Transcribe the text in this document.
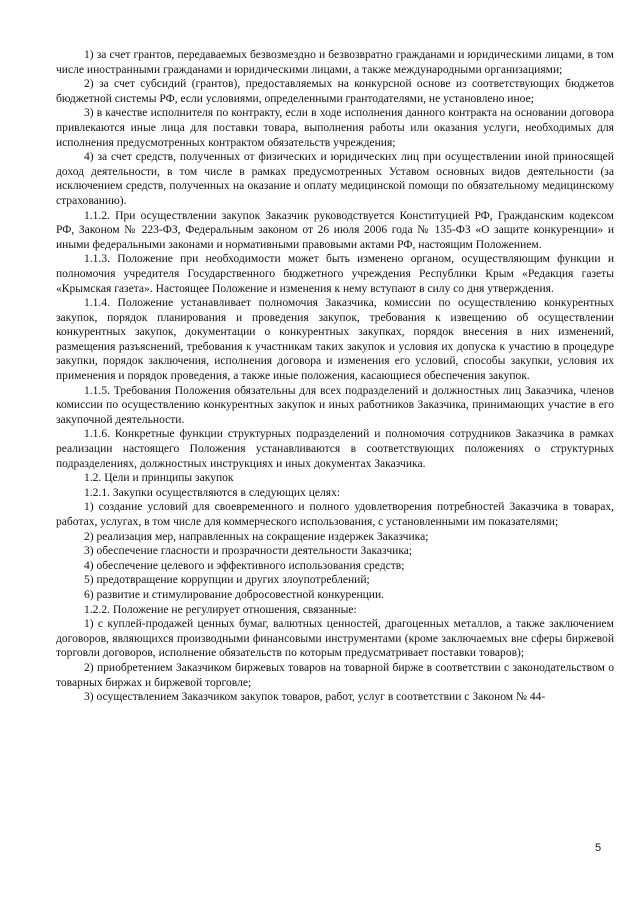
1) за счет грантов, передаваемых безвозмездно и безвозвратно гражданами и юридическими лицами, в том числе иностранными гражданами и юридическими лицами, а также международными организациями;

2) за счет субсидий (грантов), предоставляемых на конкурсной основе из соответствующих бюджетов бюджетной системы РФ, если условиями, определенными грантодателями, не установлено иное;

3) в качестве исполнителя по контракту, если в ходе исполнения данного контракта на основании договора привлекаются иные лица для поставки товара, выполнения работы или оказания услуги, необходимых для исполнения предусмотренных контрактом обязательств учреждения;

4) за счет средств, полученных от физических и юридических лиц при осуществлении иной приносящей доход деятельности, в том числе в рамках предусмотренных Уставом основных видов деятельности (за исключением средств, полученных на оказание и оплату медицинской помощи по обязательному медицинскому страхованию).

1.1.2. При осуществлении закупок Заказчик руководствуется Конституцией РФ, Гражданским кодексом РФ, Законом № 223-ФЗ, Федеральным законом от 26 июля 2006 года № 135-ФЗ «О защите конкуренции» и иными федеральными законами и нормативными правовыми актами РФ, настоящим Положением.

1.1.3. Положение при необходимости может быть изменено органом, осуществляющим функции и полномочия учредителя Государственного бюджетного учреждения Республики Крым «Редакция газеты «Крымская газета». Настоящее Положение и изменения к нему вступают в силу со дня утверждения.

1.1.4. Положение устанавливает полномочия Заказчика, комиссии по осуществлению конкурентных закупок, порядок планирования и проведения закупок, требования к извещению об осуществлении конкурентных закупок, документации о конкурентных закупках, порядок внесения в них изменений, размещения разъяснений, требования к участникам таких закупок и условия их допуска к участию в процедуре закупки, порядок заключения, исполнения договора и изменения его условий, способы закупки, условия их применения и порядок проведения, а также иные положения, касающиеся обеспечения закупок.

1.1.5. Требования Положения обязательны для всех подразделений и должностных лиц Заказчика, членов комиссии по осуществлению конкурентных закупок и иных работников Заказчика, принимающих участие в его закупочной деятельности.

1.1.6. Конкретные функции структурных подразделений и полномочия сотрудников Заказчика в рамках реализации настоящего Положения устанавливаются в соответствующих положениях о структурных подразделениях, должностных инструкциях и иных документах Заказчика.

1.2. Цели и принципы закупок

1.2.1. Закупки осуществляются в следующих целях:

1) создание условий для своевременного и полного удовлетворения потребностей Заказчика в товарах, работах, услугах, в том числе для коммерческого использования, с установленными им показателями;

2) реализация мер, направленных на сокращение издержек Заказчика;

3) обеспечение гласности и прозрачности деятельности Заказчика;

4) обеспечение целевого и эффективного использования средств;

5) предотвращение коррупции и других злоупотреблений;

6) развитие и стимулирование добросовестной конкуренции.

1.2.2. Положение не регулирует отношения, связанные:

1) с куплей-продажей ценных бумаг, валютных ценностей, драгоценных металлов, а также заключением договоров, являющихся производными финансовыми инструментами (кроме заключаемых вне сферы биржевой торговли договоров, исполнение обязательств по которым предусматривает поставки товаров);

2) приобретением Заказчиком биржевых товаров на товарной бирже в соответствии с законодательством о товарных биржах и биржевой торговле;

3) осуществлением Заказчиком закупок товаров, работ, услуг в соответствии с Законом № 44-

5
